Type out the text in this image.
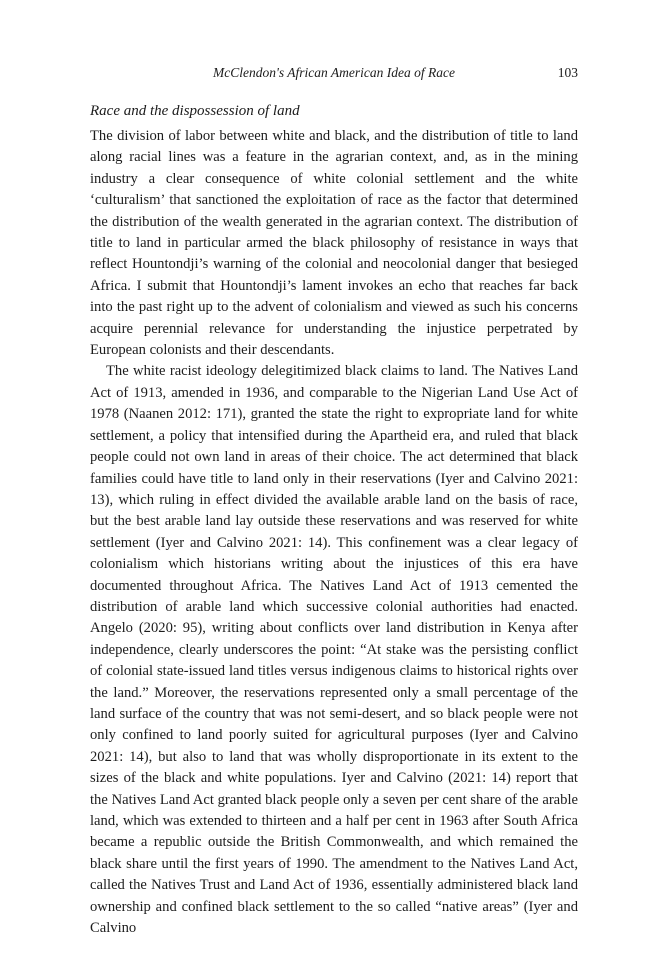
McClendon's African American Idea of Race	103
Race and the dispossession of land

The division of labor between white and black, and the distribution of title to land along racial lines was a feature in the agrarian context, and, as in the mining industry a clear consequence of white colonial settlement and the white ‘culturalism’ that sanctioned the exploitation of race as the factor that determined the distribution of the wealth generated in the agrarian context. The distribution of title to land in particular armed the black philosophy of resistance in ways that reflect Hountondji’s warning of the colonial and neocolonial danger that besieged Africa. I submit that Hountondji’s lament invokes an echo that reaches far back into the past right up to the advent of colonialism and viewed as such his concerns acquire perennial relevance for understanding the injustice perpetrated by European colonists and their descendants.

The white racist ideology delegitimized black claims to land. The Natives Land Act of 1913, amended in 1936, and comparable to the Nigerian Land Use Act of 1978 (Naanen 2012: 171), granted the state the right to expropriate land for white settlement, a policy that intensified during the Apartheid era, and ruled that black people could not own land in areas of their choice. The act determined that black families could have title to land only in their reservations (Iyer and Calvino 2021: 13), which ruling in effect divided the available arable land on the basis of race, but the best arable land lay outside these reservations and was reserved for white settlement (Iyer and Calvino 2021: 14). This confinement was a clear legacy of colonialism which historians writing about the injustices of this era have documented throughout Africa. The Natives Land Act of 1913 cemented the distribution of arable land which successive colonial authorities had enacted. Angelo (2020: 95), writing about conflicts over land distribution in Kenya after independence, clearly underscores the point: “At stake was the persisting conflict of colonial state-issued land titles versus indigenous claims to historical rights over the land.” Moreover, the reservations represented only a small percentage of the land surface of the country that was not semi-desert, and so black people were not only confined to land poorly suited for agricultural purposes (Iyer and Calvino 2021: 14), but also to land that was wholly disproportionate in its extent to the sizes of the black and white populations. Iyer and Calvino (2021: 14) report that the Natives Land Act granted black people only a seven per cent share of the arable land, which was extended to thirteen and a half per cent in 1963 after South Africa became a republic outside the British Commonwealth, and which remained the black share until the first years of 1990. The amendment to the Natives Land Act, called the Natives Trust and Land Act of 1936, essentially administered black land ownership and confined black settlement to the so called “native areas” (Iyer and Calvino
